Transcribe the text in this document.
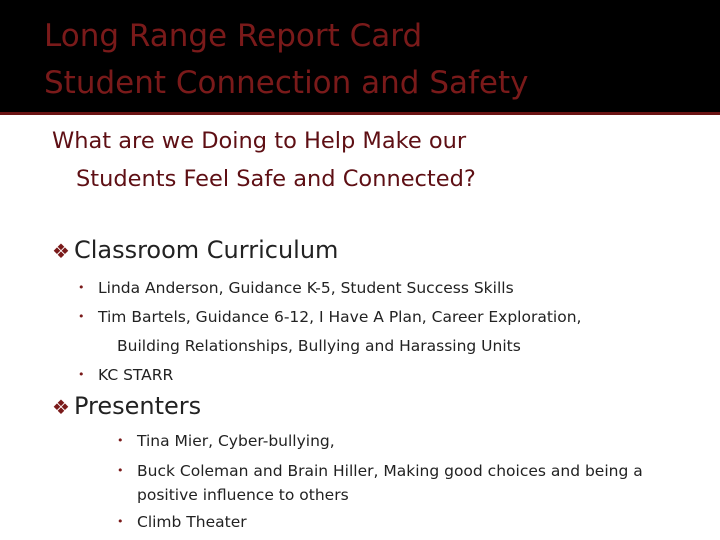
Long Range Report Card
Student Connection and Safety
What are we Doing to Help Make our
Students Feel Safe and Connected?
❖ Classroom Curriculum
• Linda Anderson, Guidance K-5, Student Success Skills
• Tim Bartels, Guidance 6-12, I Have A Plan, Career Exploration,
Building Relationships, Bullying and Harassing Units
• KC STARR
❖ Presenters
• Tina Mier, Cyber-bullying,
• Buck Coleman and Brain Hiller, Making good choices and being a
positive influence to others
• Climb Theater
